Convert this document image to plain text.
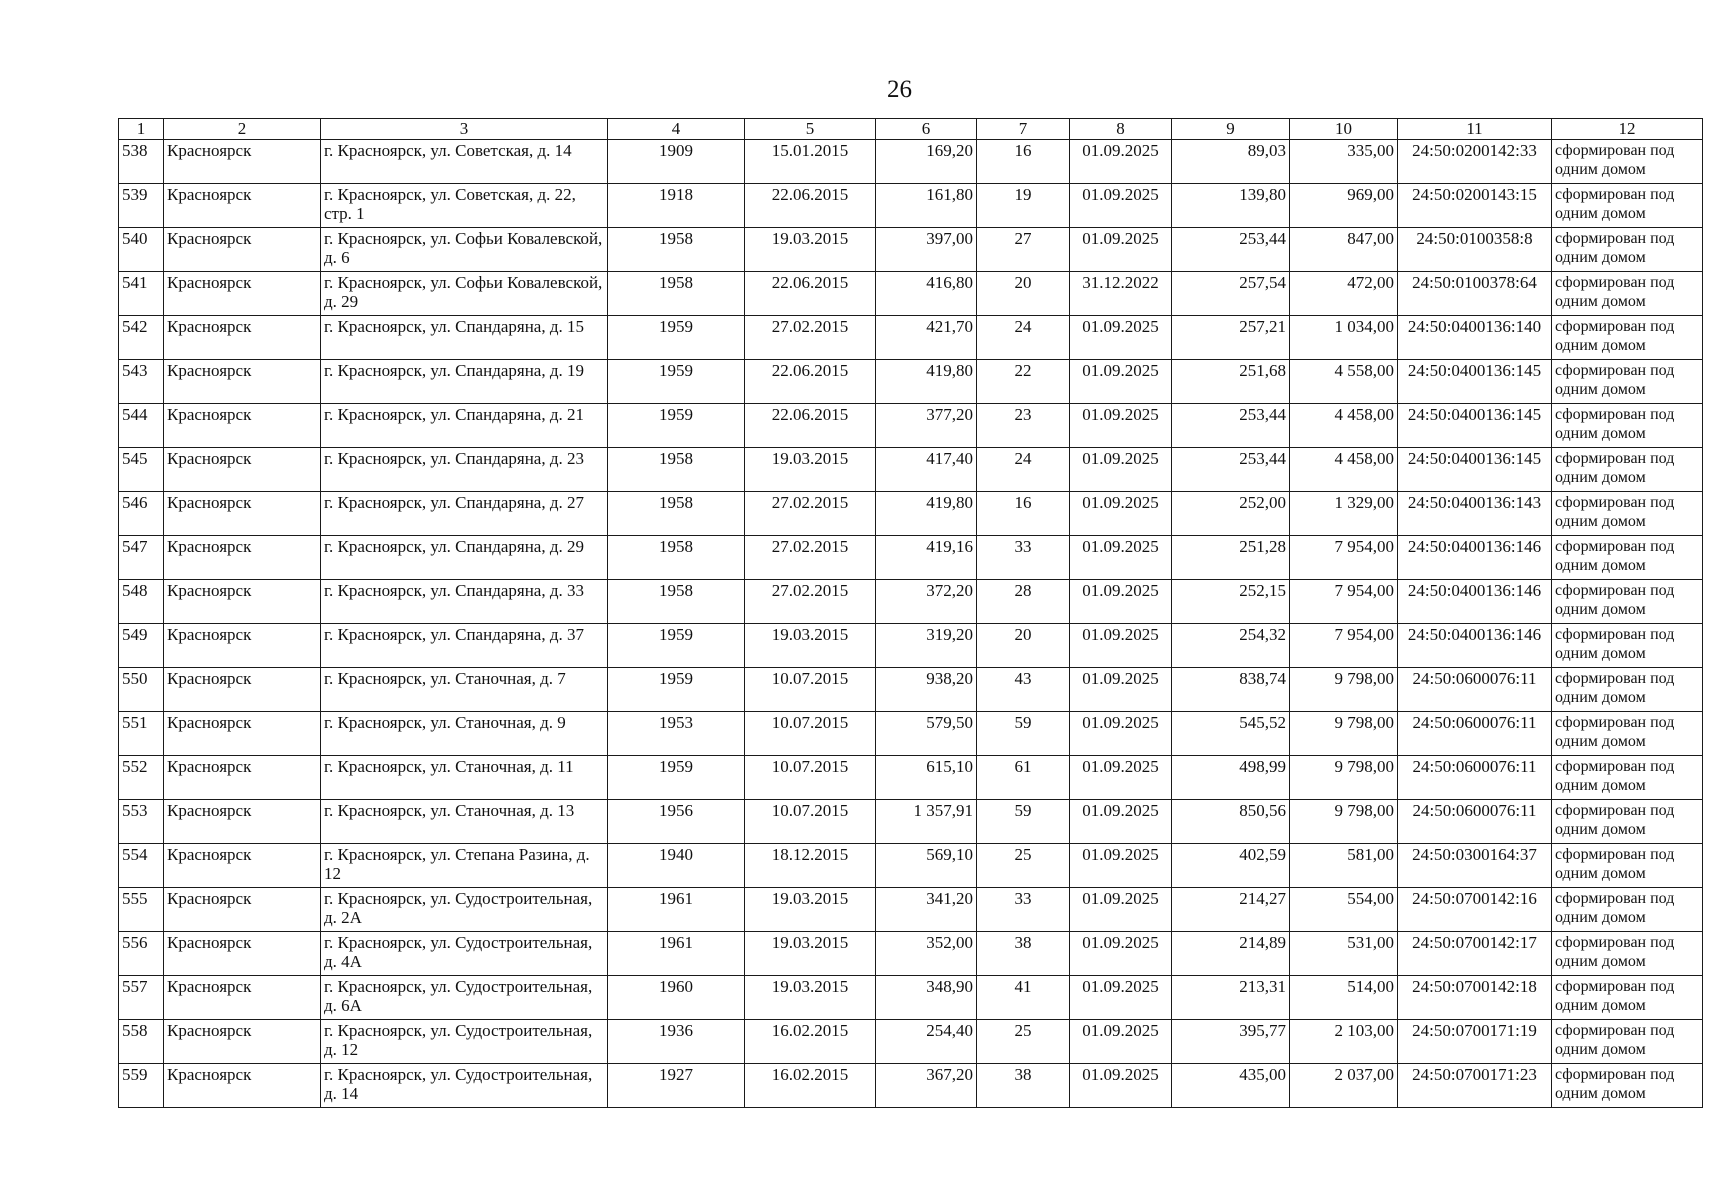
26
1	2	3	4	5	6	7	8	9	10	11	12
538	Красноярск	г. Красноярск, ул. Советская, д. 14	1909	15.01.2015	169,20	16	01.09.2025	89,03	335,00	24:50:0200142:33	сформирован под одним домом
539	Красноярск	г. Красноярск, ул. Советская, д. 22, стр. 1	1918	22.06.2015	161,80	19	01.09.2025	139,80	969,00	24:50:0200143:15	сформирован под одним домом
540	Красноярск	г. Красноярск, ул. Софьи Ковалевской, д. 6	1958	19.03.2015	397,00	27	01.09.2025	253,44	847,00	24:50:0100358:8	сформирован под одним домом
541	Красноярск	г. Красноярск, ул. Софьи Ковалевской, д. 29	1958	22.06.2015	416,80	20	31.12.2022	257,54	472,00	24:50:0100378:64	сформирован под одним домом
542	Красноярск	г. Красноярск, ул. Спандаряна, д. 15	1959	27.02.2015	421,70	24	01.09.2025	257,21	1 034,00	24:50:0400136:140	сформирован под одним домом
543	Красноярск	г. Красноярск, ул. Спандаряна, д. 19	1959	22.06.2015	419,80	22	01.09.2025	251,68	4 558,00	24:50:0400136:145	сформирован под одним домом
544	Красноярск	г. Красноярск, ул. Спандаряна, д. 21	1959	22.06.2015	377,20	23	01.09.2025	253,44	4 458,00	24:50:0400136:145	сформирован под одним домом
545	Красноярск	г. Красноярск, ул. Спандаряна, д. 23	1958	19.03.2015	417,40	24	01.09.2025	253,44	4 458,00	24:50:0400136:145	сформирован под одним домом
546	Красноярск	г. Красноярск, ул. Спандаряна, д. 27	1958	27.02.2015	419,80	16	01.09.2025	252,00	1 329,00	24:50:0400136:143	сформирован под одним домом
547	Красноярск	г. Красноярск, ул. Спандаряна, д. 29	1958	27.02.2015	419,16	33	01.09.2025	251,28	7 954,00	24:50:0400136:146	сформирован под одним домом
548	Красноярск	г. Красноярск, ул. Спандаряна, д. 33	1958	27.02.2015	372,20	28	01.09.2025	252,15	7 954,00	24:50:0400136:146	сформирован под одним домом
549	Красноярск	г. Красноярск, ул. Спандаряна, д. 37	1959	19.03.2015	319,20	20	01.09.2025	254,32	7 954,00	24:50:0400136:146	сформирован под одним домом
550	Красноярск	г. Красноярск, ул. Станочная, д. 7	1959	10.07.2015	938,20	43	01.09.2025	838,74	9 798,00	24:50:0600076:11	сформирован под одним домом
551	Красноярск	г. Красноярск, ул. Станочная, д. 9	1953	10.07.2015	579,50	59	01.09.2025	545,52	9 798,00	24:50:0600076:11	сформирован под одним домом
552	Красноярск	г. Красноярск, ул. Станочная, д. 11	1959	10.07.2015	615,10	61	01.09.2025	498,99	9 798,00	24:50:0600076:11	сформирован под одним домом
553	Красноярск	г. Красноярск, ул. Станочная, д. 13	1956	10.07.2015	1 357,91	59	01.09.2025	850,56	9 798,00	24:50:0600076:11	сформирован под одним домом
554	Красноярск	г. Красноярск, ул. Степана Разина, д. 12	1940	18.12.2015	569,10	25	01.09.2025	402,59	581,00	24:50:0300164:37	сформирован под одним домом
555	Красноярск	г. Красноярск, ул. Судостроительная, д. 2А	1961	19.03.2015	341,20	33	01.09.2025	214,27	554,00	24:50:0700142:16	сформирован под одним домом
556	Красноярск	г. Красноярск, ул. Судостроительная, д. 4А	1961	19.03.2015	352,00	38	01.09.2025	214,89	531,00	24:50:0700142:17	сформирован под одним домом
557	Красноярск	г. Красноярск, ул. Судостроительная, д. 6А	1960	19.03.2015	348,90	41	01.09.2025	213,31	514,00	24:50:0700142:18	сформирован под одним домом
558	Красноярск	г. Красноярск, ул. Судостроительная, д. 12	1936	16.02.2015	254,40	25	01.09.2025	395,77	2 103,00	24:50:0700171:19	сформирован под одним домом
559	Красноярск	г. Красноярск, ул. Судостроительная, д. 14	1927	16.02.2015	367,20	38	01.09.2025	435,00	2 037,00	24:50:0700171:23	сформирован под одним домом
